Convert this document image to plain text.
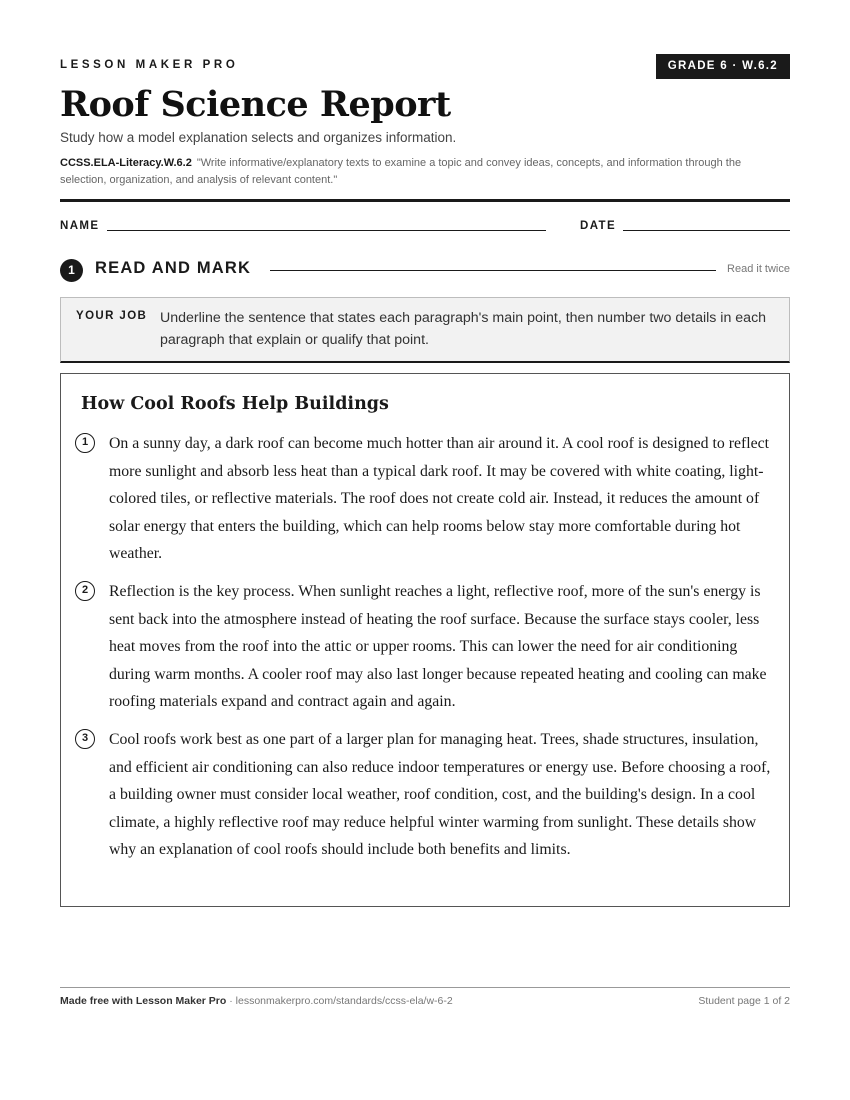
LESSON MAKER PRO	GRADE 6 · W.6.2
Roof Science Report
Study how a model explanation selects and organizes information.
CCSS.ELA-Literacy.W.6.2 "Write informative/explanatory texts to examine a topic and convey ideas, concepts, and information through the selection, organization, and analysis of relevant content."
NAME	DATE
1	READ AND MARK	Read it twice
YOUR JOB Underline the sentence that states each paragraph's main point, then number two details in each paragraph that explain or qualify that point.
How Cool Roofs Help Buildings
1	On a sunny day, a dark roof can become much hotter than air around it. A cool roof is designed to reflect more sunlight and absorb less heat than a typical dark roof. It may be covered with white coating, light-colored tiles, or reflective materials. The roof does not create cold air. Instead, it reduces the amount of solar energy that enters the building, which can help rooms below stay more comfortable during hot weather.

2	Reflection is the key process. When sunlight reaches a light, reflective roof, more of the sun's energy is sent back into the atmosphere instead of heating the roof surface. Because the surface stays cooler, less heat moves from the roof into the attic or upper rooms. This can lower the need for air conditioning during warm months. A cooler roof may also last longer because repeated heating and cooling can make roofing materials expand and contract again and again.

3	Cool roofs work best as one part of a larger plan for managing heat. Trees, shade structures, insulation, and efficient air conditioning can also reduce indoor temperatures or energy use. Before choosing a roof, a building owner must consider local weather, roof condition, cost, and the building's design. In a cool climate, a highly reflective roof may reduce helpful winter warming from sunlight. These details show why an explanation of cool roofs should include both benefits and limits.

Made free with Lesson Maker Pro · lessonmakerpro.com/standards/ccss-ela/w-6-2	Student page 1 of 2
